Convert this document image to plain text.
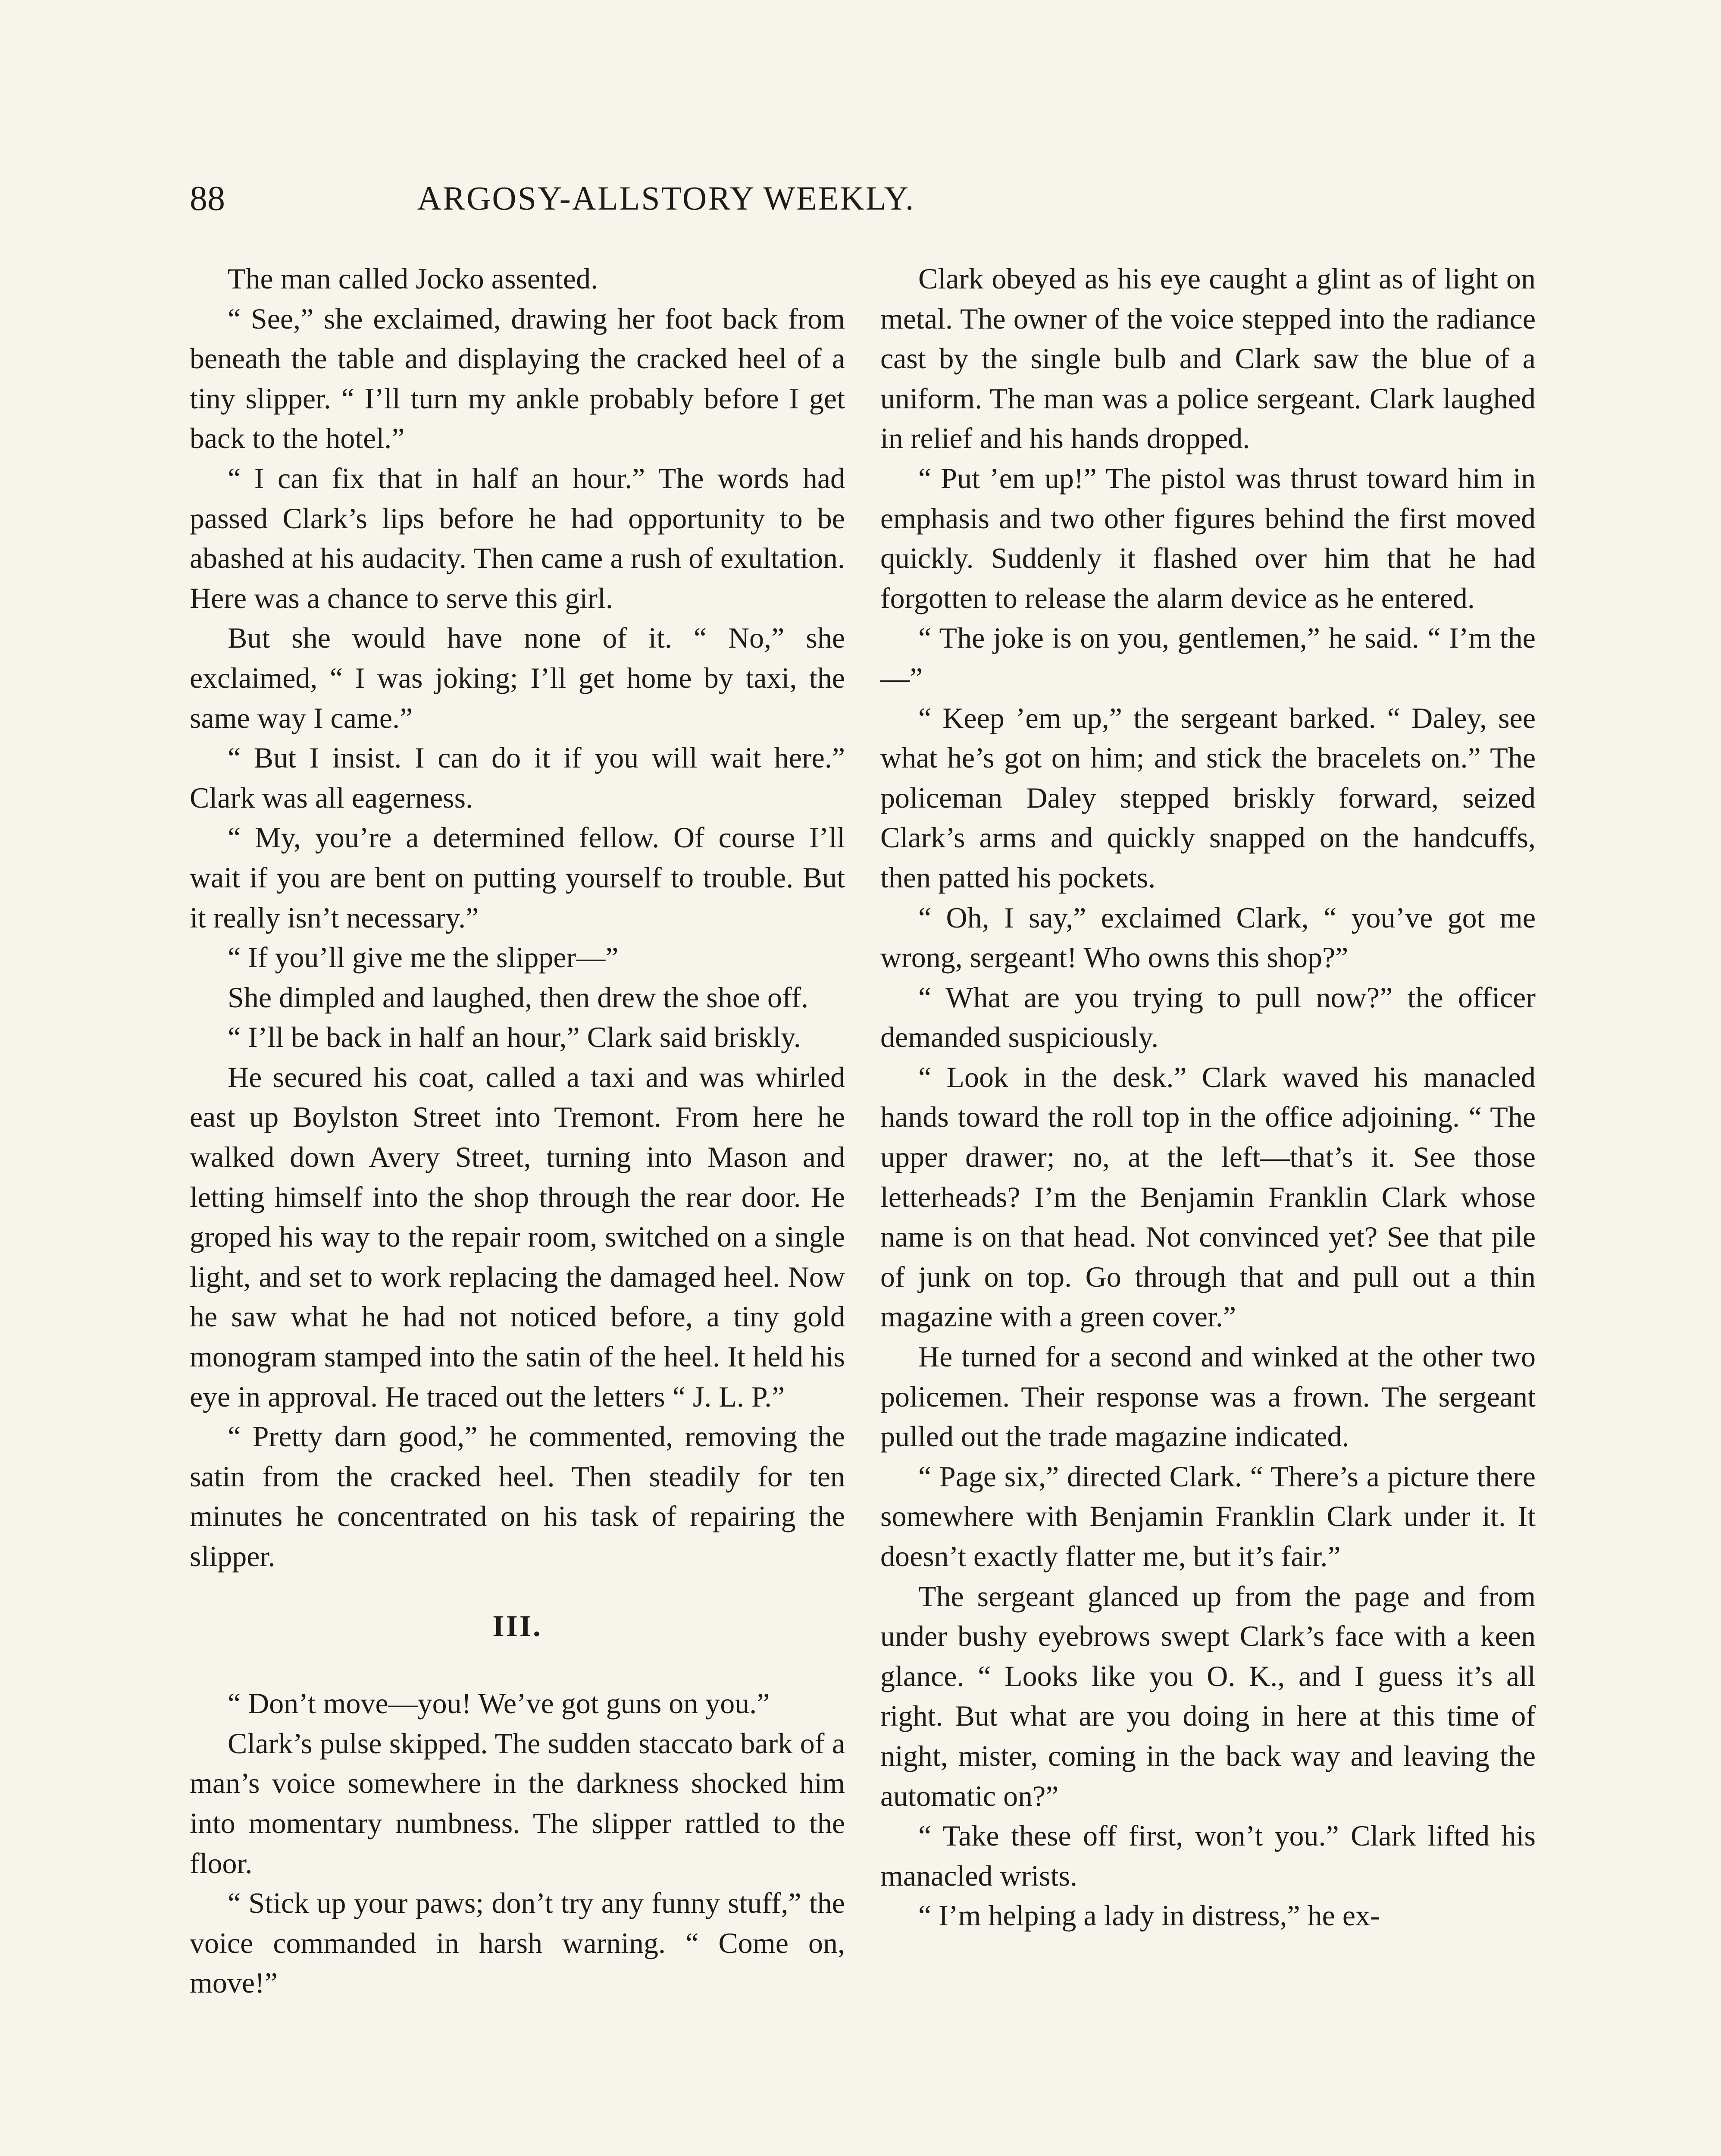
88	ARGOSY-ALLSTORY WEEKLY.

The man called Jocko assented.

“ See,” she exclaimed, drawing her foot back from beneath the table and displaying the cracked heel of a tiny slipper. “ I’ll turn my ankle probably before I get back to the hotel.”

“ I can fix that in half an hour.” The words had passed Clark’s lips before he had opportunity to be abashed at his audacity. Then came a rush of exultation. Here was a chance to serve this girl.

But she would have none of it. “ No,” she exclaimed, “ I was joking; I’ll get home by taxi, the same way I came.”

“ But I insist. I can do it if you will wait here.” Clark was all eagerness.

“ My, you’re a determined fellow. Of course I’ll wait if you are bent on putting yourself to trouble. But it really isn’t necessary.”

“ If you’ll give me the slipper—”

She dimpled and laughed, then drew the shoe off.

“ I’ll be back in half an hour,” Clark said briskly.

He secured his coat, called a taxi and was whirled east up Boylston Street into Tremont. From here he walked down Avery Street, turning into Mason and letting himself into the shop through the rear door. He groped his way to the repair room, switched on a single light, and set to work replacing the damaged heel. Now he saw what he had not noticed before, a tiny gold monogram stamped into the satin of the heel. It held his eye in approval. He traced out the letters “ J. L. P.”

“ Pretty darn good,” he commented, removing the satin from the cracked heel. Then steadily for ten minutes he concentrated on his task of repairing the slipper.

III.

“ Don’t move—you! We’ve got guns on you.”

Clark’s pulse skipped. The sudden staccato bark of a man’s voice somewhere in the darkness shocked him into momentary numbness. The slipper rattled to the floor.

“ Stick up your paws; don’t try any funny stuff,” the voice commanded in harsh warning. “ Come on, move!”

Clark obeyed as his eye caught a glint as of light on metal. The owner of the voice stepped into the radiance cast by the single bulb and Clark saw the blue of a uniform. The man was a police sergeant. Clark laughed in relief and his hands dropped.

“ Put ’em up!” The pistol was thrust toward him in emphasis and two other figures behind the first moved quickly. Suddenly it flashed over him that he had forgotten to release the alarm device as he entered.

“ The joke is on you, gentlemen,” he said. “ I’m the—”

“ Keep ’em up,” the sergeant barked. “ Daley, see what he’s got on him; and stick the bracelets on.” The policeman Daley stepped briskly forward, seized Clark’s arms and quickly snapped on the handcuffs, then patted his pockets.

“ Oh, I say,” exclaimed Clark, “ you’ve got me wrong, sergeant! Who owns this shop?”

“ What are you trying to pull now?” the officer demanded suspiciously.

“ Look in the desk.” Clark waved his manacled hands toward the roll top in the office adjoining. “ The upper drawer; no, at the left—that’s it. See those letterheads? I’m the Benjamin Franklin Clark whose name is on that head. Not convinced yet? See that pile of junk on top. Go through that and pull out a thin magazine with a green cover.”

He turned for a second and winked at the other two policemen. Their response was a frown. The sergeant pulled out the trade magazine indicated.

“ Page six,” directed Clark. “ There’s a picture there somewhere with Benjamin Franklin Clark under it. It doesn’t exactly flatter me, but it’s fair.”

The sergeant glanced up from the page and from under bushy eyebrows swept Clark’s face with a keen glance. “ Looks like you O. K., and I guess it’s all right. But what are you doing in here at this time of night, mister, coming in the back way and leaving the automatic on?”

“ Take these off first, won’t you.” Clark lifted his manacled wrists.

“ I’m helping a lady in distress,” he ex-
